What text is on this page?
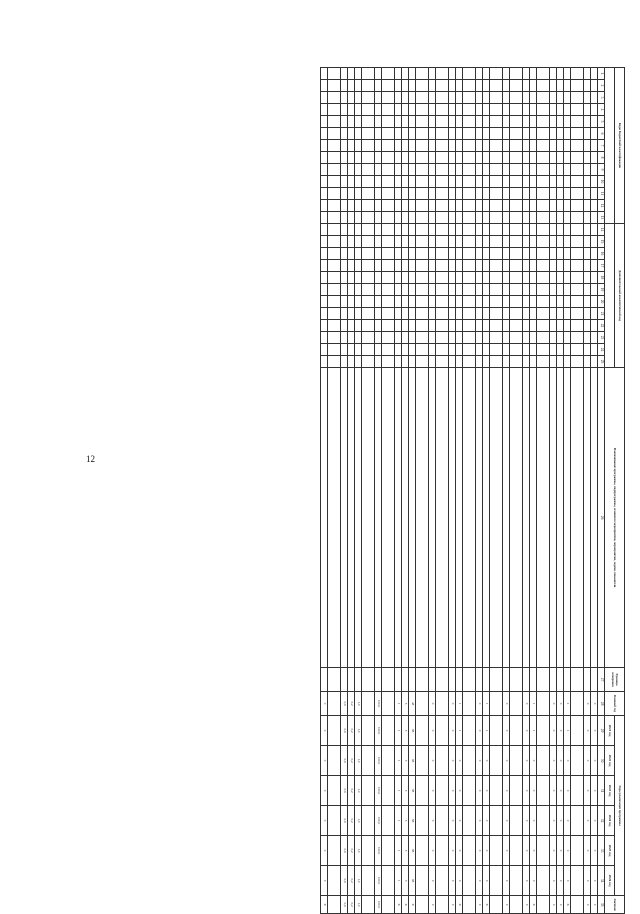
12
Коды бюджетной классификации													Дополнительный аналитический код												Наименование программы, подпрограммы, основного мероприятия, мероприятия, задачи, показателя	Единица измерения	Базовый год	Годы реализации программы						Значение
																												2021 год	2022 год	2023 год	2024 год	2025 год	2026 год	
1	2	3	4	5	6	7	8	9	10	11	12	13	14	15	16	17	18	19	20	21	22	23	24	25	26	27	28	29	30	31	32	33	34	35
																											0	0	0	0	0	0	0	0
																											0	0	0	0	0	0	0	0

																											1	1	0	0	0	0	0	X
																											0	0	0	0	0	0	0	0
																											0	0	0	0	0	0	0	0

																											1	1	0	0	0	0	0	X
																											0	0	0	0	0	0	0	0

																											0	0	0	0	0	0	0	0

																											1	1	0	0	0	0	0	X
																											0	0	0	0	0	0	0	0

																											1	1	0	0	0	0	0	X
																											0	0	0	0	0	0	0	0

																											0	0	0	0	0	0	0	0

																											48	98	98	98	98	98	98	X
																											5	5	5	5	5	5	5	X
																											1	1	1	1	1	1	1	X

																											100,0	100,0	100,0	100,0	100,0	100,0	100,0	100,0

																											1,0	1,0	1,0	1,0	1,0	1,0	1,0	1,0
																											0,2	0,2	0,2	0,2	0,2	0,2	0,2	0,2
																											0,9	0,9	0,9	0,9	0,9	0,9	0,9	0,9

																											0	0	0	0	0	0	0	X
